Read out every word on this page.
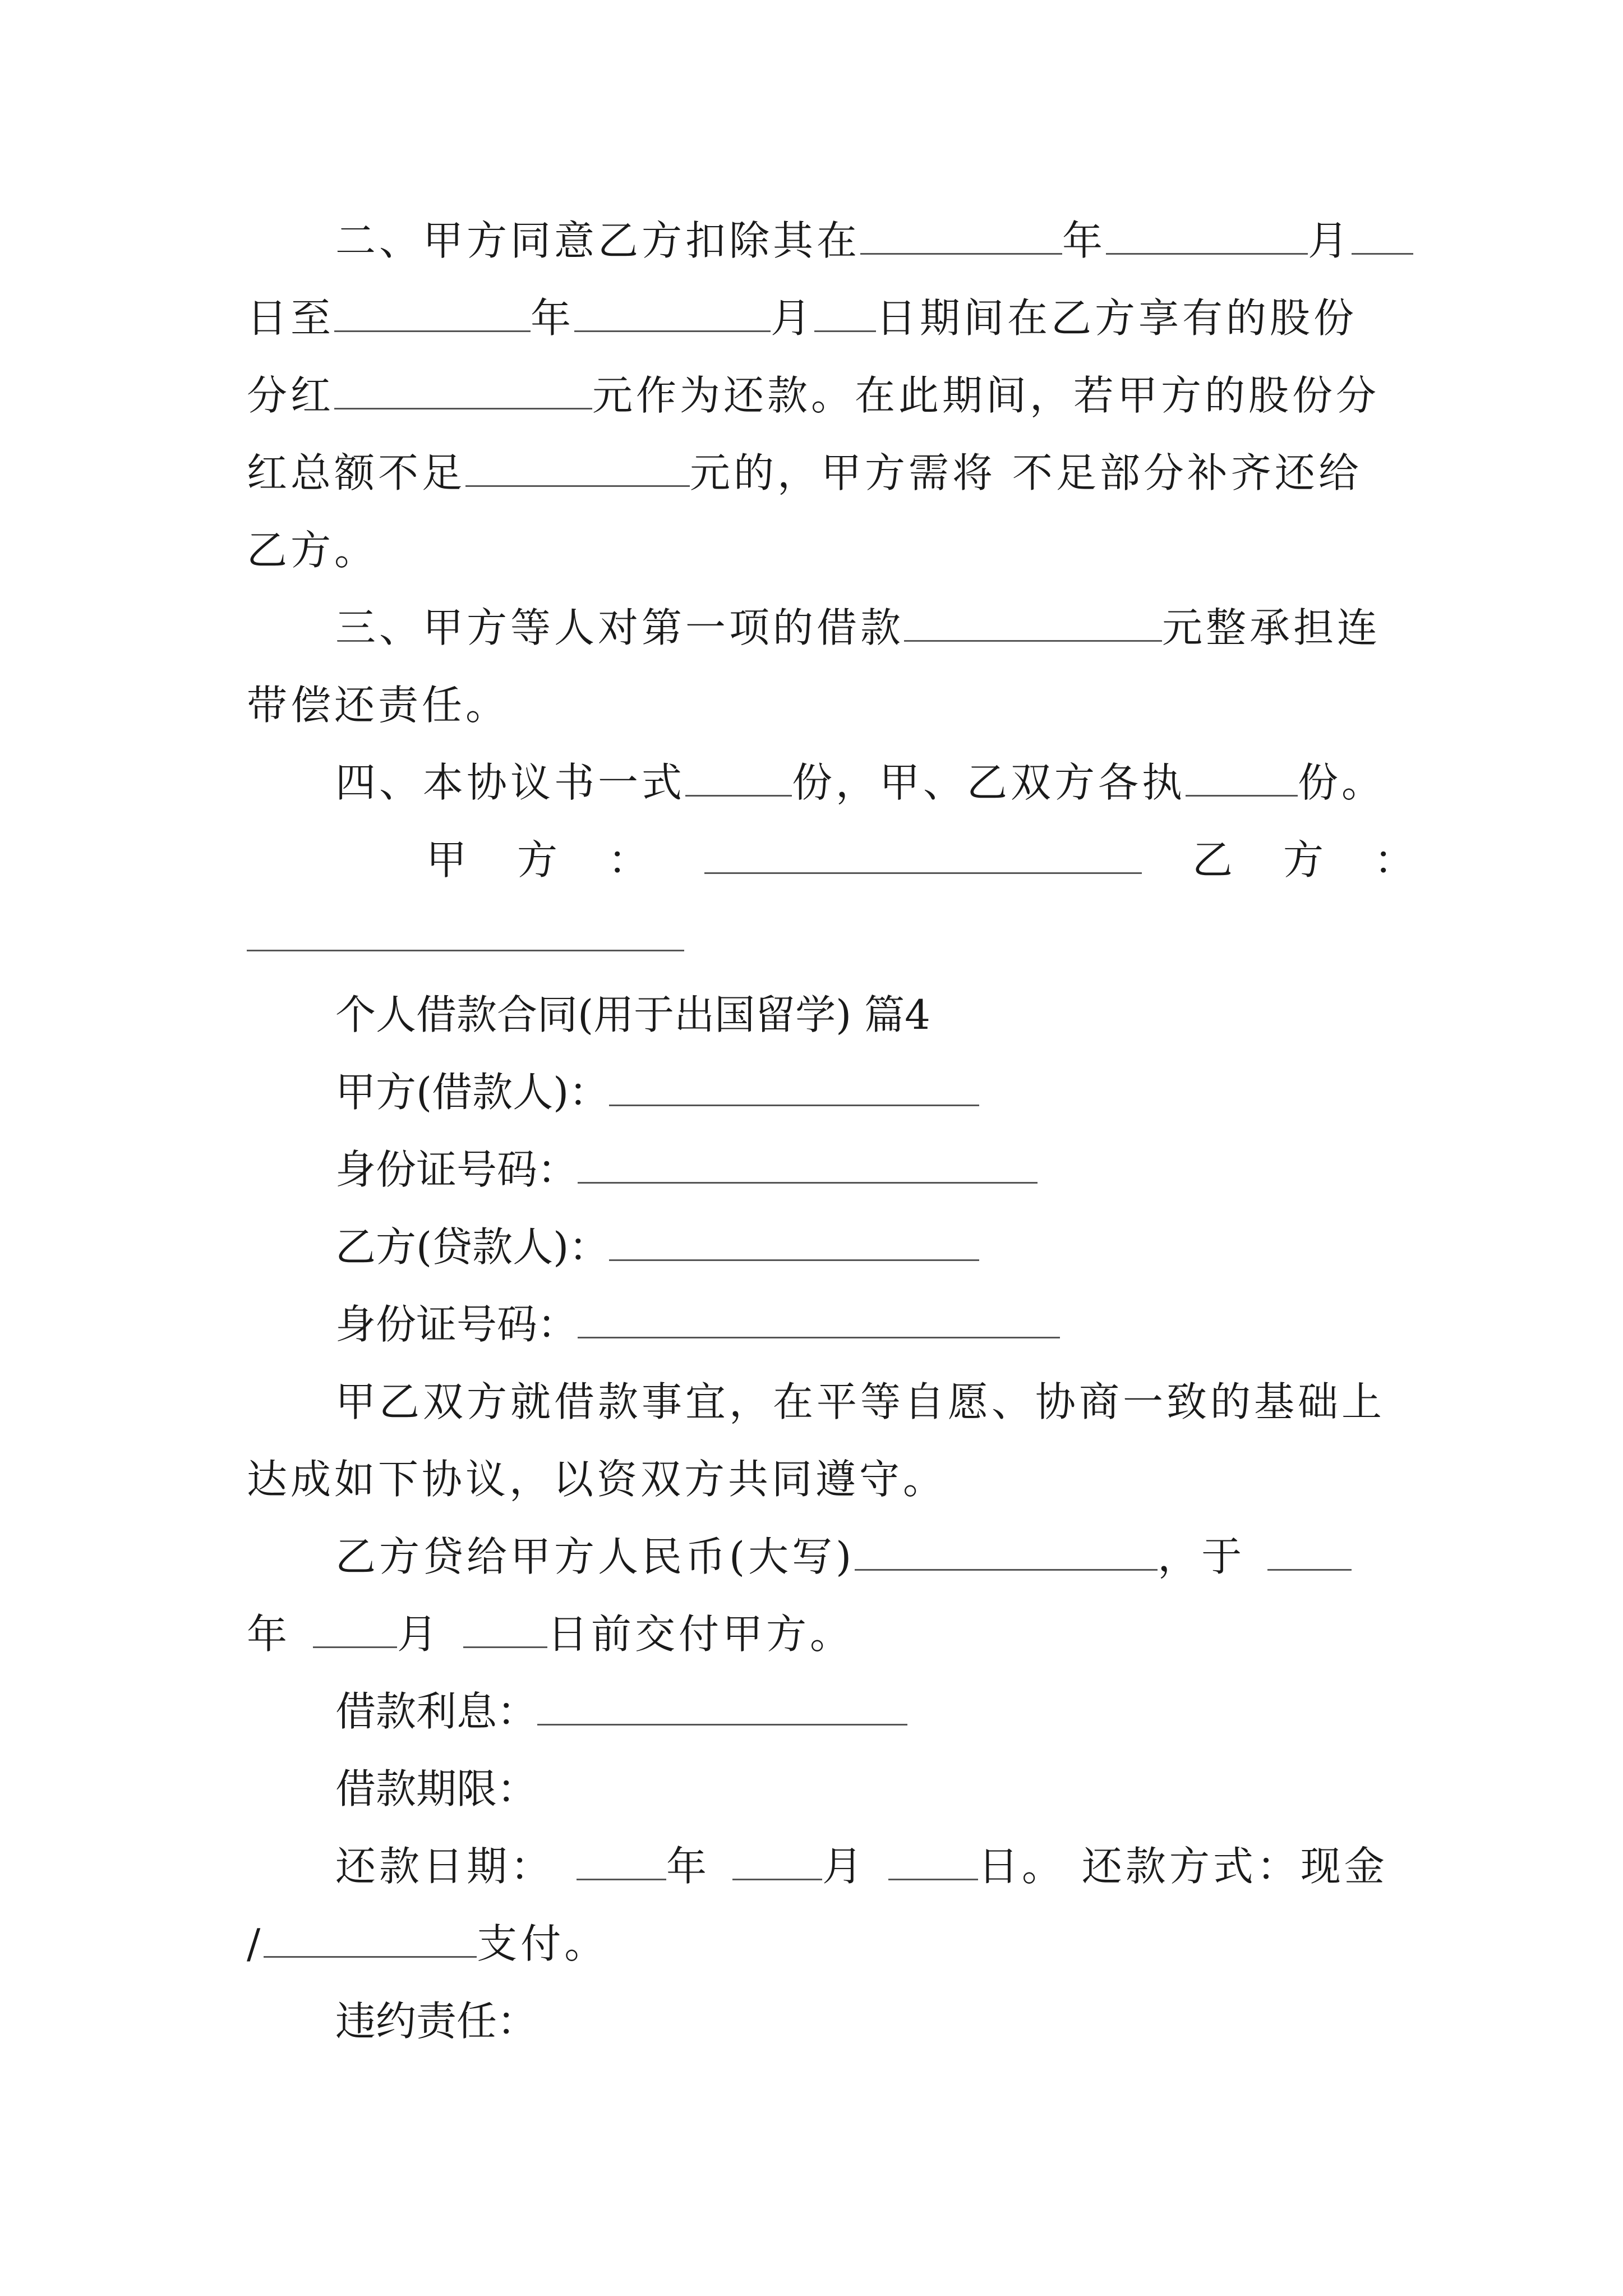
二、甲方同意乙方扣除其在	年	月
日至	年	月 日期间在乙方享有的股份
分红	元作为还款。在此期间，若甲方的股份分
红总额不足	元的，甲方需将 不足部分补齐还给
乙方。
三、甲方等人对第一项的借款	元整承担连
带偿还责任。
四、本协议书一式	份，甲、乙双方各执	份。
甲方：	乙方：
个人借款合同(用于出国留学) 篇4
甲方(借款人)：
身份证号码：
乙方(贷款人)：
身份证号码：
甲乙双方就借款事宜，在平等自愿、协商一致的基础上
达成如下协议，以资双方共同遵守。
乙方贷给甲方人民币(大写)	，于
年	月	日前交付甲方。
借款利息：
借款期限：
还款日期：	年	月	日。 还款方式：现金
/	支付。
违约责任：
